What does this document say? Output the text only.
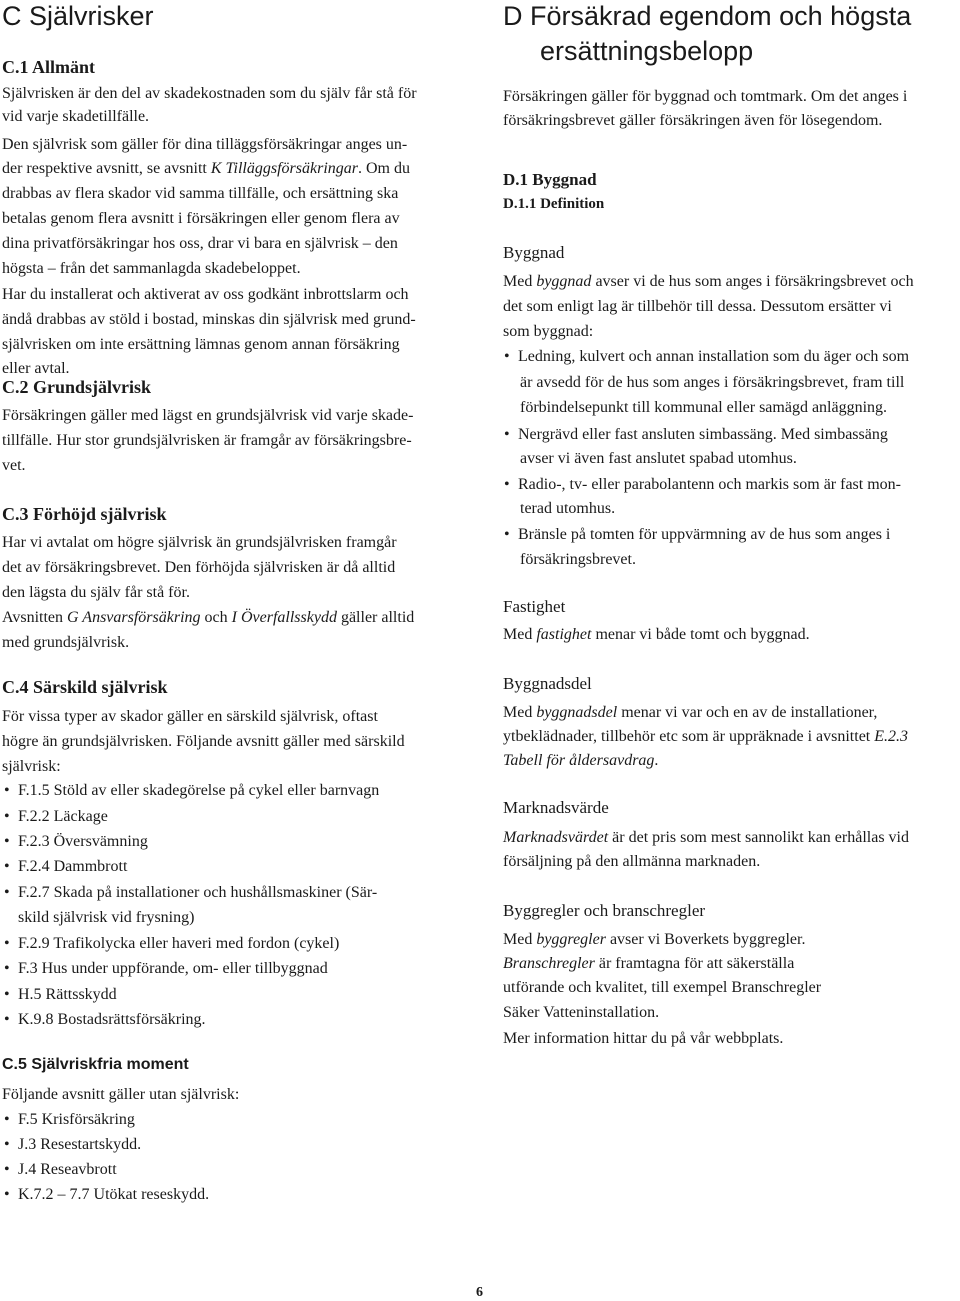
C Självrisker
C.1 Allmänt
Självrisken är den del av skadekostnaden som du själv får stå för
vid varje skadetillfälle.
Den självrisk som gäller för dina tilläggsförsäkringar anges un-
der respektive avsnitt, se avsnitt K Tilläggsförsäkringar. Om du
drabbas av flera skador vid samma tillfälle, och ersättning ska
betalas genom flera avsnitt i försäkringen eller genom flera av
dina privatförsäkringar hos oss, drar vi bara en självrisk – den
högsta – från det sammanlagda skadebeloppet.
Har du installerat och aktiverat av oss godkänt inbrottslarm och
ändå drabbas av stöld i bostad, minskas din självrisk med grund-
självrisken om inte ersättning lämnas genom annan försäkring
eller avtal.
C.2 Grundsjälvrisk
Försäkringen gäller med lägst en grundsjälvrisk vid varje skade-
tillfälle. Hur stor grundsjälvrisken är framgår av försäkringsbre-
vet.
C.3 Förhöjd självrisk
Har vi avtalat om högre självrisk än grundsjälvrisken framgår
det av försäkringsbrevet. Den förhöjda självrisken är då alltid
den lägsta du själv får stå för.
Avsnitten G Ansvarsförsäkring och I Överfallsskydd gäller alltid
med grundsjälvrisk.
C.4 Särskild självrisk
För vissa typer av skador gäller en särskild självrisk, oftast
högre än grundsjälvrisken. Följande avsnitt gäller med särskild
självrisk:
• F.1.5 Stöld av eller skadegörelse på cykel eller barnvagn
• F.2.2 Läckage
• F.2.3 Översvämning
• F.2.4 Dammbrott
• F.2.7 Skada på installationer och hushållsmaskiner (Sär-
skild självrisk vid frysning)
• F.2.9 Trafikolycka eller haveri med fordon (cykel)
• F.3 Hus under uppförande, om- eller tillbyggnad
• H.5 Rättsskydd
• K.9.8 Bostadsrättsförsäkring.
C.5 Självriskfria moment
Följande avsnitt gäller utan självrisk:
• F.5 Krisförsäkring
• J.3 Resestartskydd.
• J.4 Reseavbrott
• K.7.2 – 7.7 Utökat reseskydd.
D Försäkrad egendom och högsta
ersättningsbelopp
Försäkringen gäller för byggnad och tomtmark. Om det anges i
försäkringsbrevet gäller försäkringen även för lösegendom.
D.1 Byggnad
D.1.1 Definition
Byggnad
Med byggnad avser vi de hus som anges i försäkringsbrevet och
det som enligt lag är tillbehör till dessa. Dessutom ersätter vi
som byggnad:
• Ledning, kulvert och annan installation som du äger och som
är avsedd för de hus som anges i försäkringsbrevet, fram till
förbindelsepunkt till kommunal eller samägd anläggning.
• Nergrävd eller fast ansluten simbassäng. Med simbassäng
avser vi även fast anslutet spabad utomhus.
• Radio-, tv- eller parabolantenn och markis som är fast mon-
terad utomhus.
• Bränsle på tomten för uppvärmning av de hus som anges i
försäkringsbrevet.
Fastighet
Med fastighet menar vi både tomt och byggnad.
Byggnadsdel
Med byggnadsdel menar vi var och en av de installationer,
ytbeklädnader, tillbehör etc som är uppräknade i avsnittet E.2.3
Tabell för åldersavdrag.
Marknadsvärde
Marknadsvärdet är det pris som mest sannolikt kan erhållas vid
försäljning på den allmänna marknaden.
Byggregler och branschregler
Med byggregler avser vi Boverkets byggregler.
Branschregler är framtagna för att säkerställa
utförande och kvalitet, till exempel Branschregler
Säker Vatteninstallation.
Mer information hittar du på vår webbplats.
6
